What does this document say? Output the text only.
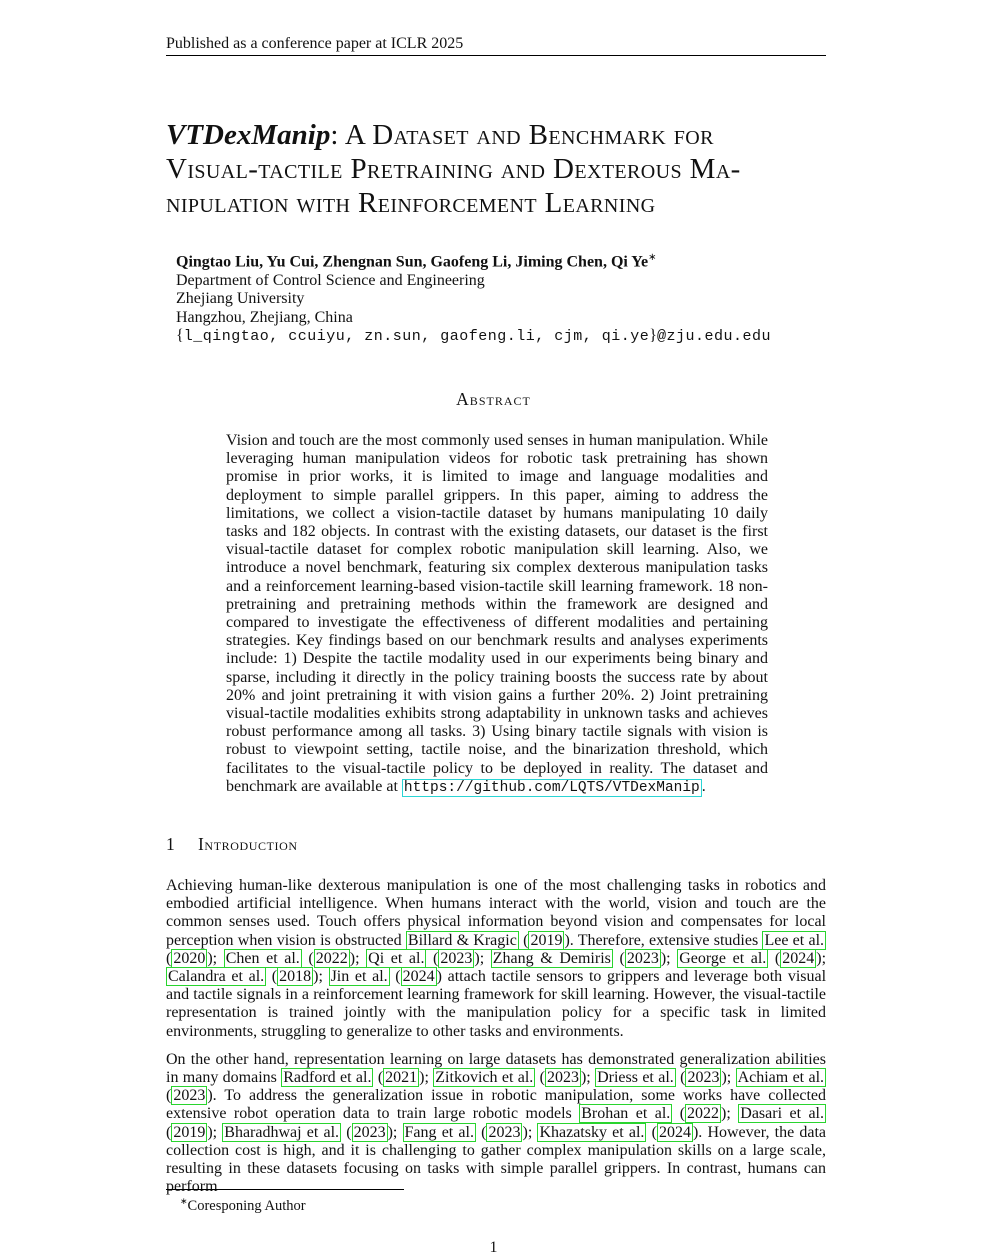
Published as a conference paper at ICLR 2025
VTDexManip: A Dataset and Benchmark for
Visual-tactile Pretraining and Dexterous Ma-
nipulation with Reinforcement Learning
Qingtao Liu, Yu Cui, Zhengnan Sun, Gaofeng Li, Jiming Chen, Qi Ye∗
Department of Control Science and Engineering
Zhejiang University
Hangzhou, Zhejiang, China
{l_qingtao, ccuiyu, zn.sun, gaofeng.li, cjm, qi.ye}@zju.edu.edu
Abstract

Vision and touch are the most commonly used senses in human manipulation. While leveraging human manipulation videos for robotic task pretraining has shown promise in prior works, it is limited to image and language modalities and deployment to simple parallel grippers. In this paper, aiming to address the limitations, we collect a vision-tactile dataset by humans manipulating 10 daily tasks and 182 objects. In contrast with the existing datasets, our dataset is the first visual-tactile dataset for complex robotic manipulation skill learning. Also, we introduce a novel benchmark, featuring six complex dexterous manipulation tasks and a reinforcement learning-based vision-tactile skill learning framework. 18 non-pretraining and pretraining methods within the framework are designed and compared to investigate the effectiveness of different modalities and pertaining strategies. Key findings based on our benchmark results and analyses experiments include: 1) Despite the tactile modality used in our experiments being binary and sparse, including it directly in the policy training boosts the success rate by about 20% and joint pretraining it with vision gains a further 20%. 2) Joint pretraining visual-tactile modalities exhibits strong adaptability in unknown tasks and achieves robust performance among all tasks. 3) Using binary tactile signals with vision is robust to viewpoint setting, tactile noise, and the binarization threshold, which facilitates to the visual-tactile policy to be deployed in reality. The dataset and benchmark are available at https://github.com/LQTS/VTDexManip .

1 Introduction

Achieving human-like dexterous manipulation is one of the most challenging tasks in robotics and embodied artificial intelligence. When humans interact with the world, vision and touch are the common senses used. Touch offers physical information beyond vision and compensates for local perception when vision is obstructed Billard & Kragic ( 2019 ). Therefore, extensive studies Lee et al. ( 2020 ); Chen et al. ( 2022 ); Qi et al. ( 2023 ); Zhang & Demiris ( 2023 ); George et al. ( 2024 ); Calandra et al. ( 2018 ); Jin et al. ( 2024 ) attach tactile sensors to grippers and leverage both visual and tactile signals in a reinforcement learning framework for skill learning. However, the visual-tactile representation is trained jointly with the manipulation policy for a specific task in limited environments, struggling to generalize to other tasks and environments.

On the other hand, representation learning on large datasets has demonstrated generalization abilities in many domains Radford et al. ( 2021 ); Zitkovich et al. ( 2023 ); Driess et al. ( 2023 ); Achiam et al. ( 2023 ). To address the generalization issue in robotic manipulation, some works have collected extensive robot operation data to train large robotic models Brohan et al. ( 2022 ); Dasari et al. ( 2019 ); Bharadhwaj et al. ( 2023 ); Fang et al. ( 2023 ); Khazatsky et al. ( 2024 ). However, the data collection cost is high, and it is challenging to gather complex manipulation skills on a large scale, resulting in these datasets focusing on tasks with simple parallel grippers. In contrast, humans can perform

∗Coresponing Author
1
